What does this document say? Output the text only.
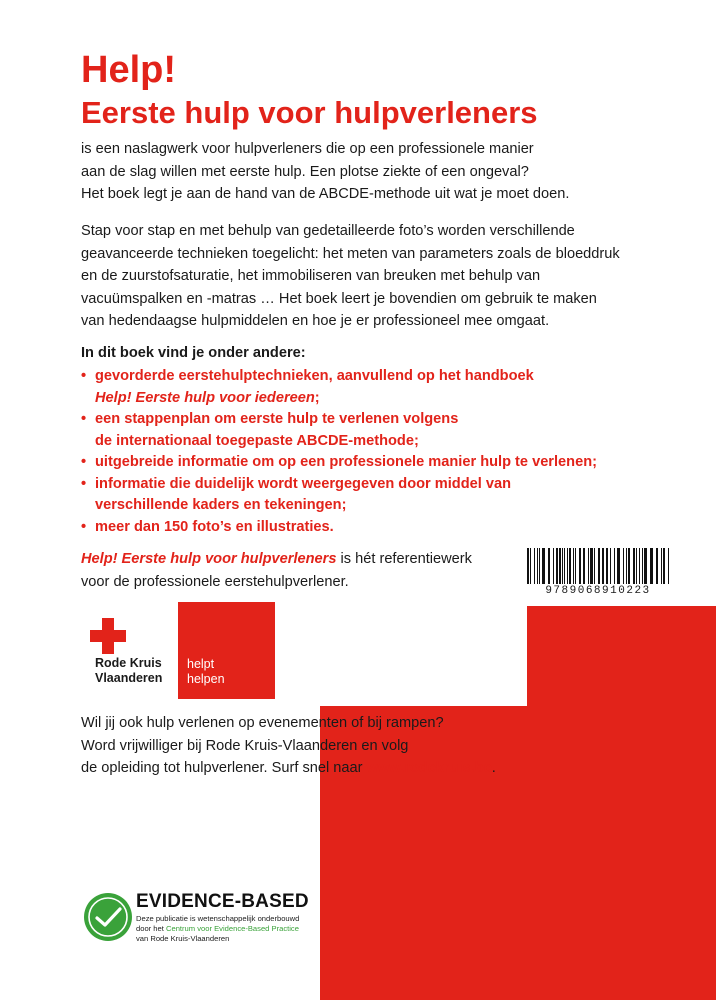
Help!
Eerste hulp voor hulpverleners

is een naslagwerk voor hulpverleners die op een professionele manier
aan de slag willen met eerste hulp. Een plotse ziekte of een ongeval?
Het boek legt je aan de hand van de ABCDE-methode uit wat je moet doen.

Stap voor stap en met behulp van gedetailleerde foto’s worden verschillende
geavanceerde technieken toegelicht: het meten van parameters zoals de bloeddruk
en de zuurstofsaturatie, het immobiliseren van breuken met behulp van
vacuümspalken en -matras … Het boek leert je bovendien om gebruik te maken
van hedendaagse hulpmiddelen en hoe je er professioneel mee omgaat.

In dit boek vind je onder andere:

• gevorderde eerstehulptechnieken, aanvullend op het handboek
Help! Eerste hulp voor iedereen;
• een stappenplan om eerste hulp te verlenen volgens
de internationaal toegepaste ABCDE-methode;
• uitgebreide informatie om op een professionele manier hulp te verlenen;
• informatie die duidelijk wordt weergegeven door middel van
verschillende kaders en tekeningen;
• meer dan 150 foto’s en illustraties.

Help! Eerste hulp voor hulpverleners is hét referentiewerk
voor de professionele eerstehulpverlener.

9789068910223
Rode Kruis
Vlaanderen
helpt
helpen

Wil jij ook hulp verlenen op evenementen of bij rampen?
Word vrijwilliger bij Rode Kruis-Vlaanderen en volg
de opleiding tot hulpverlener. Surf snel naar www.rodekruis.be.

EVIDENCE-BASED
Deze publicatie is wetenschappelijk onderbouwd
door het Centrum voor Evidence-Based Practice
van Rode Kruis-Vlaanderen
